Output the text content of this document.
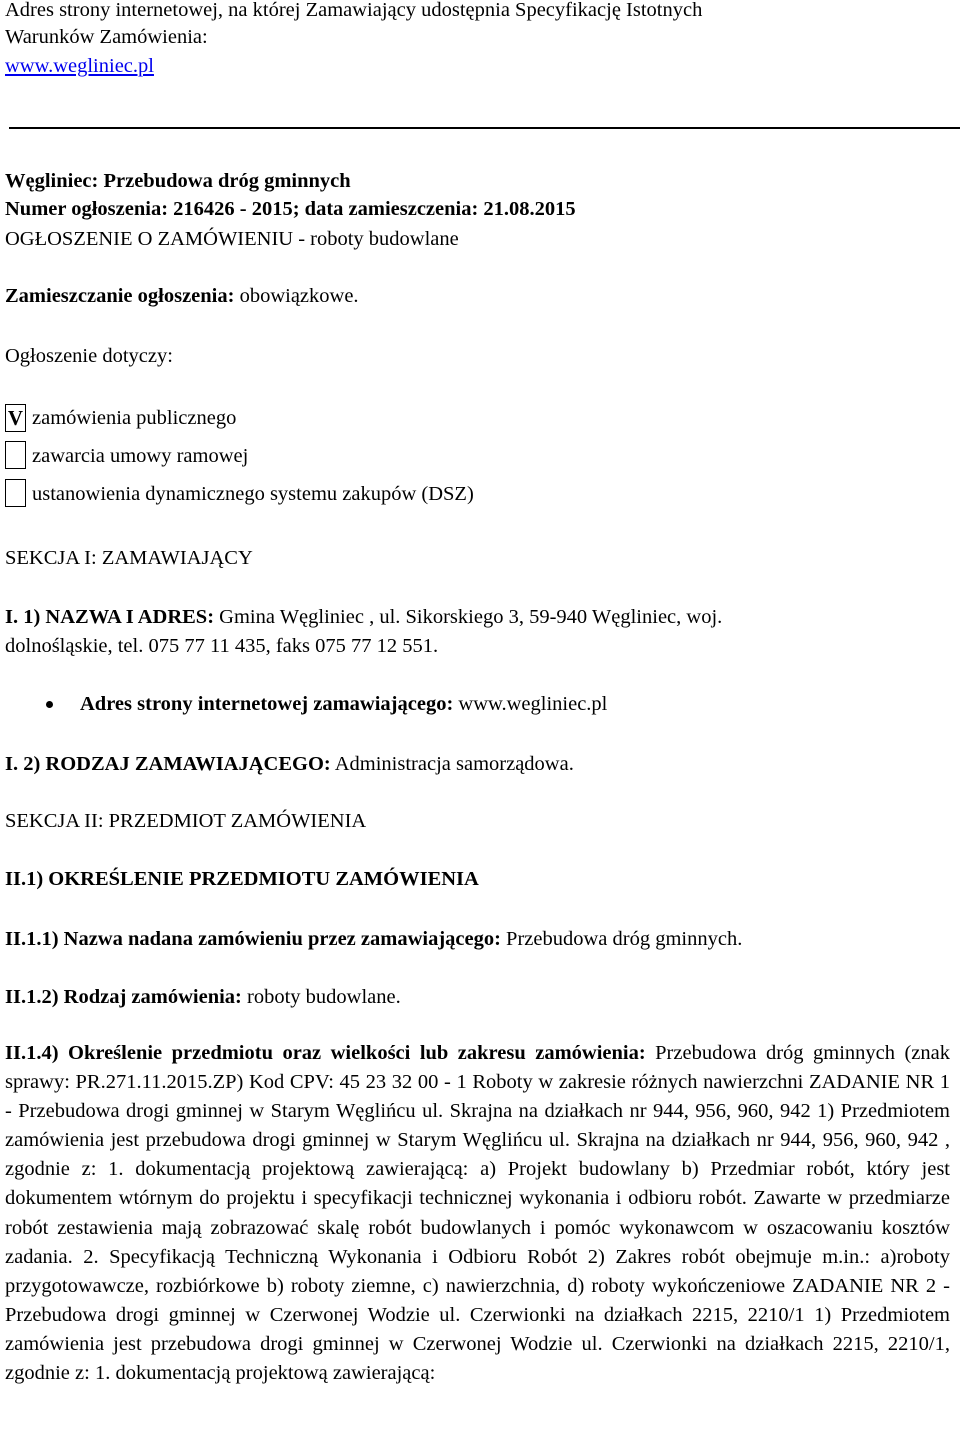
Adres strony internetowej, na której Zamawiający udostępnia Specyfikację Istotnych
Warunków Zamówienia:
www.wegliniec.pl
Węgliniec: Przebudowa dróg gminnych
Numer ogłoszenia: 216426 - 2015; data zamieszczenia: 21.08.2015
OGŁOSZENIE O ZAMÓWIENIU - roboty budowlane
Zamieszczanie ogłoszenia: obowiązkowe.
Ogłoszenie dotyczy:
V zamówienia publicznego
zawarcia umowy ramowej
ustanowienia dynamicznego systemu zakupów (DSZ)
SEKCJA I: ZAMAWIAJĄCY
I. 1) NAZWA I ADRES: Gmina Węgliniec , ul. Sikorskiego 3, 59-940 Węgliniec, woj.
dolnośląskie, tel. 075 77 11 435, faks 075 77 12 551.
Adres strony internetowej zamawiającego: www.wegliniec.pl
I. 2) RODZAJ ZAMAWIAJĄCEGO: Administracja samorządowa.
SEKCJA II: PRZEDMIOT ZAMÓWIENIA
II.1) OKREŚLENIE PRZEDMIOTU ZAMÓWIENIA
II.1.1) Nazwa nadana zamówieniu przez zamawiającego: Przebudowa dróg gminnych.
II.1.2) Rodzaj zamówienia: roboty budowlane.
II.1.4) Określenie przedmiotu oraz wielkości lub zakresu zamówienia: Przebudowa dróg gminnych (znak sprawy: PR.271.11.2015.ZP) Kod CPV: 45 23 32 00 - 1 Roboty w zakresie różnych nawierzchni ZADANIE NR 1 - Przebudowa drogi gminnej w Starym Węglińcu ul. Skrajna na działkach nr 944, 956, 960, 942 1) Przedmiotem zamówienia jest przebudowa drogi gminnej w Starym Węglińcu ul. Skrajna na działkach nr 944, 956, 960, 942 , zgodnie z: 1. dokumentacją projektową zawierającą: a) Projekt budowlany b) Przedmiar robót, który jest dokumentem wtórnym do projektu i specyfikacji technicznej wykonania i odbioru robót. Zawarte w przedmiarze robót zestawienia mają zobrazować skalę robót budowlanych i pomóc wykonawcom w oszacowaniu kosztów zadania. 2. Specyfikacją Techniczną Wykonania i Odbioru Robót 2) Zakres robót obejmuje m.in.: a)roboty przygotowawcze, rozbiórkowe b) roboty ziemne, c) nawierzchnia, d) roboty wykończeniowe ZADANIE NR 2 - Przebudowa drogi gminnej w Czerwonej Wodzie ul. Czerwionki na działkach 2215, 2210/1 1) Przedmiotem zamówienia jest przebudowa drogi gminnej w Czerwonej Wodzie ul. Czerwionki na działkach 2215, 2210/1, zgodnie z: 1. dokumentacją projektową zawierającą:
